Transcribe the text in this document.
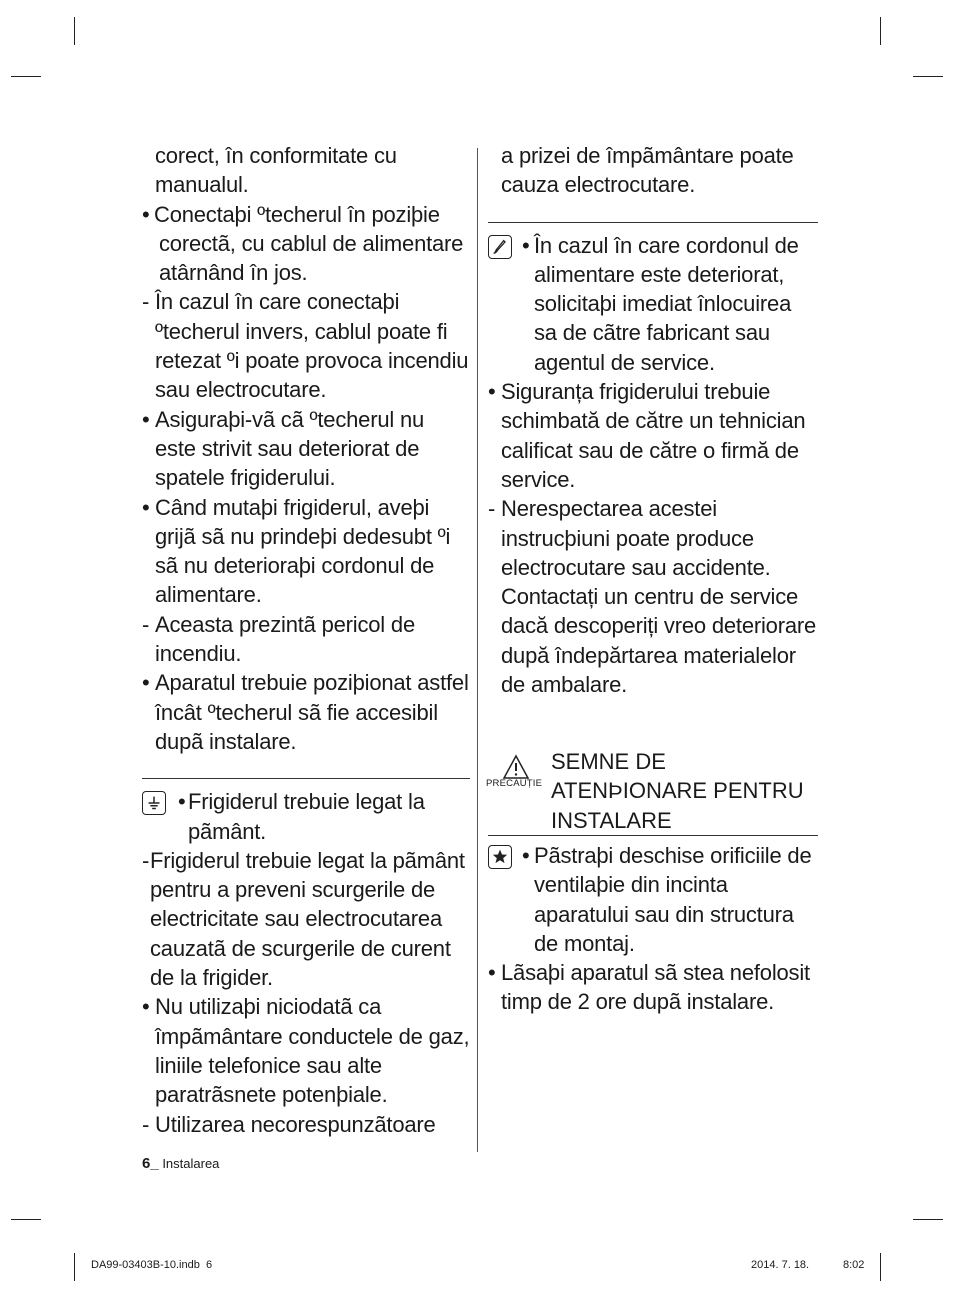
corect, în conformitate cu manualul.
• Conectaþi ºtecherul în poziþie corectã, cu cablul de alimentare atârnând în jos.
- În cazul în care conectaþi ºtecherul invers, cablul poate fi retezat ºi poate provoca incendiu sau electrocutare.
• Asiguraþi-vã cã ºtecherul nu este strivit sau deteriorat de spatele frigiderului.
• Când mutaþi frigiderul, aveþi grijã sã nu prindeþi dedesubt ºi sã nu deterioraþi cordonul de alimentare.
- Aceasta prezintã pericol de incendiu.
• Aparatul trebuie poziþionat astfel încât ºtecherul sã fie accesibil dupã instalare.
• Frigiderul trebuie legat la pãmânt.
- Frigiderul trebuie legat la pãmânt pentru a preveni scurgerile de electricitate sau electrocutarea cauzatã de scurgerile de curent de la frigider.
• Nu utilizaþi niciodatã ca împãmântare conductele de gaz, liniile telefonice sau alte paratrãsnete potenþiale.
- Utilizarea necorespunzãtoare
a prizei de împãmântare poate cauza electrocutare.
• În cazul în care cordonul de alimentare este deteriorat, solicitaþi imediat înlocuirea sa de cãtre fabricant sau agentul de service.
• Siguranța frigiderului trebuie schimbată de către un tehnician calificat sau de către o firmă de service.
- Nerespectarea acestei instrucþiuni poate produce electrocutare sau accidente. Contactați un centru de service dacă descoperiți vreo deteriorare după îndepărtarea materialelor de ambalare.
PRECAUȚIE
SEMNE DE ATENÞIONARE PENTRU INSTALARE
• Pãstraþi deschise orificiile de ventilaþie din incinta aparatului sau din structura de montaj.
• Lãsaþi aparatul sã stea nefolosit timp de 2 ore dupã instalare.
6_ Instalarea
DA99-03403B-10.indb 6	2014. 7. 18.	8:02
